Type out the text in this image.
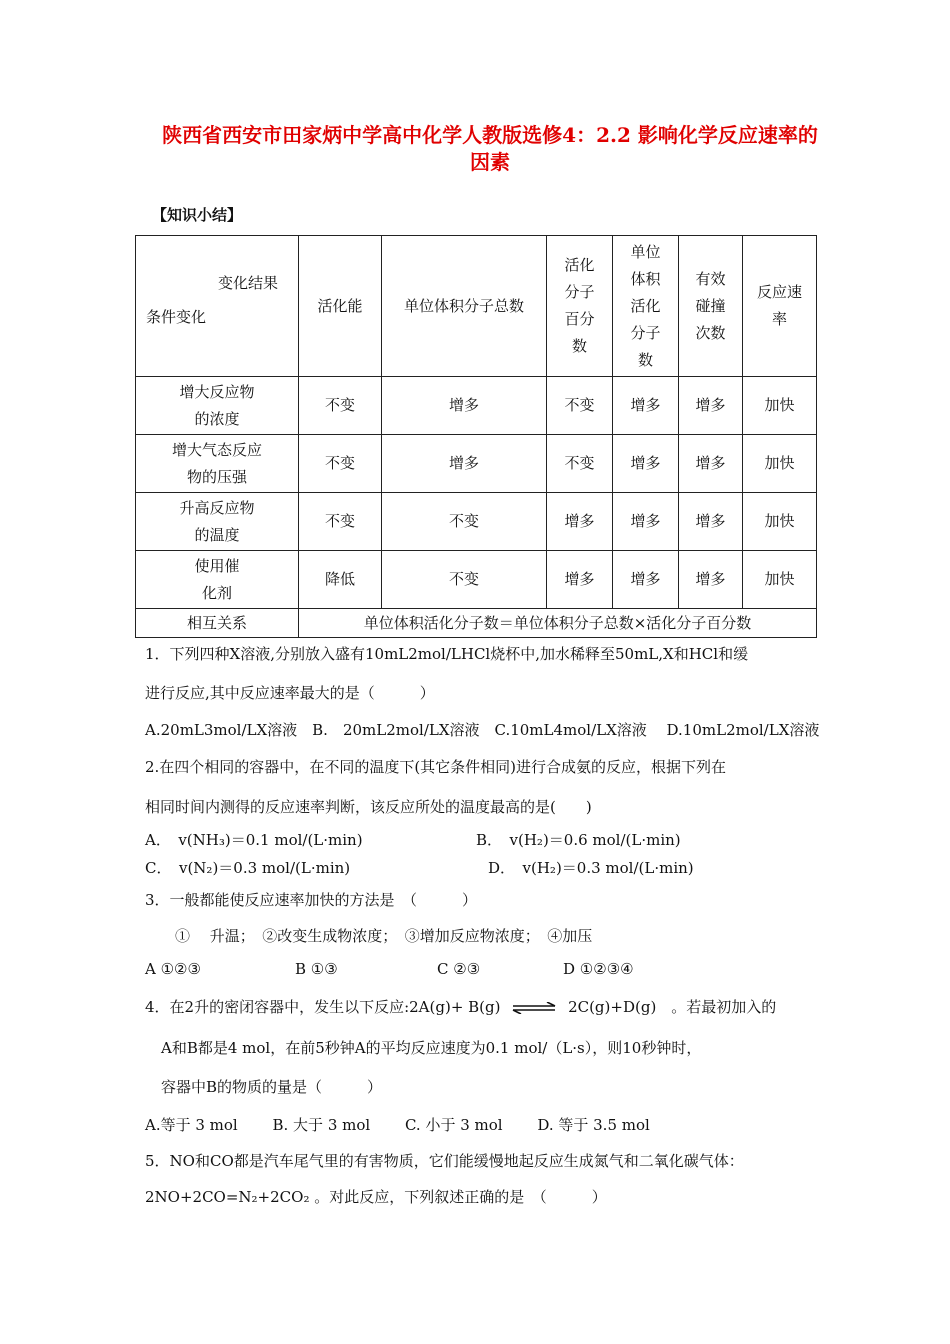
陕西省西安市田家炳中学高中化学人教版选修4：2.2 影响化学反应速率的因素
【知识小结】
变化结果
条件变化	活化能	单位体积分子总数	活化分子百分数	单位体积活化分子数	有效碰撞次数	反应速率

增大反应物的浓度	不变	增多	不变	增多	增多	加快

增大气态反应物的压强	不变	增多	不变	增多	增多	加快

升高反应物的温度	不变	不变	增多	增多	增多	加快

使用催化剂	降低	不变	增多	增多	增多	加快
相互关系	单位体积活化分子数＝单位体积分子总数×活化分子百分数					
1．下列四种X溶液,分别放入盛有10mL2mol/LHCl烧杯中,加水稀释至50mL,X和HCl和缓
进行反应,其中反应速率最大的是（　　　）
A.20mL3mol/LX溶液　B.　20mL2mol/LX溶液　C.10mL4mol/LX溶液　 D.10mL2mol/LX溶液
2.在四个相同的容器中，在不同的温度下(其它条件相同)进行合成氨的反应，根据下列在
相同时间内测得的反应速率判断，该反应所处的温度最高的是(　　)
A．　v(NH₃)＝0.1 mol/(L·min)	B．　v(H₂)＝0.6 mol/(L·min)
C．　v(N₂)＝0.3 mol/(L·min)	D．　v(H₂)＝0.3 mol/(L·min)
3．一般都能使反应速率加快的方法是　（　　　）
①　 升温；　②改变生成物浓度；　③增加反应物浓度；　④加压
A ①②③	B ①③	C ②③	D ①②③④
4．在2升的密闭容器中，发生以下反应:2A(g)+ B(g) ⇌ 2C(g)+D(g)　。若最初加入的
A和B都是4 mol，在前5秒钟A的平均反应速度为0.1 mol/（L·s），则10秒钟时，
容器中B的物质的量是（　　　）
A.等于 3 mol　　 B. 大于 3 mol　　 C. 小于 3 mol　　 D. 等于 3.5 mol
5．NO和CO都是汽车尾气里的有害物质，它们能缓慢地起反应生成氮气和二氧化碳气体：
2NO+2CO=N₂+2CO₂ 。对此反应，下列叙述正确的是　（　　　）
